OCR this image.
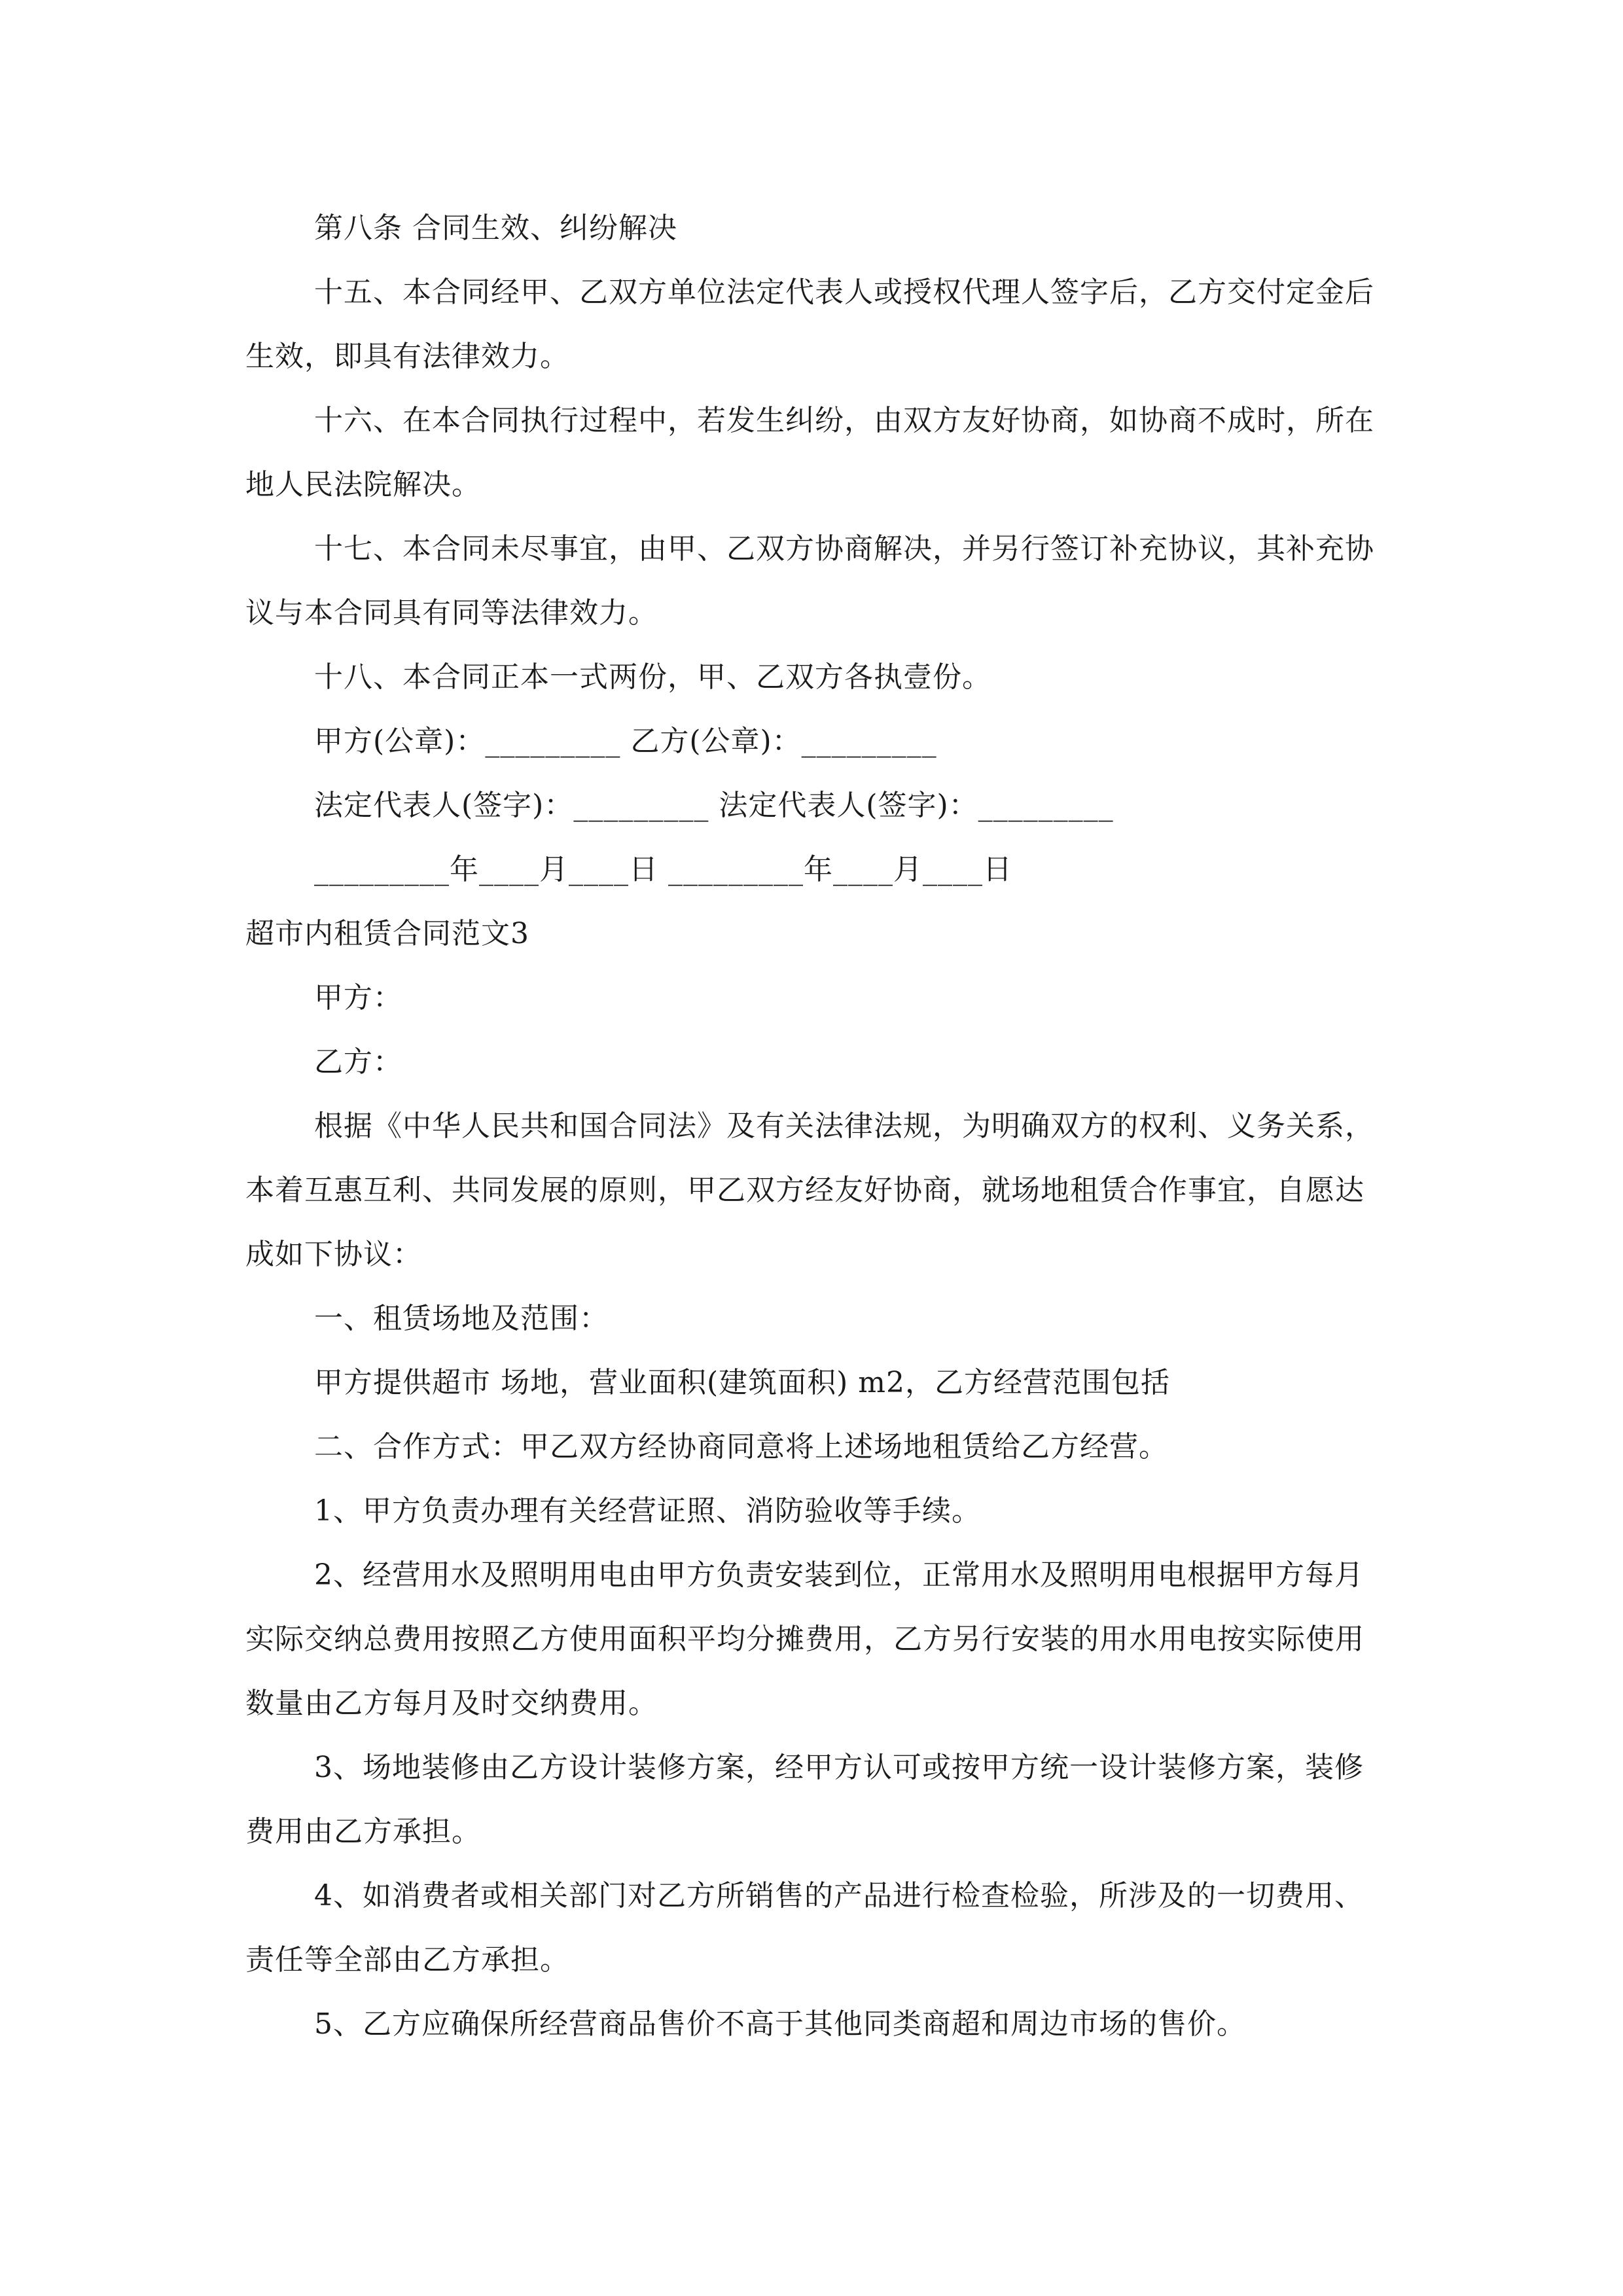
第八条 合同生效、纠纷解决

十五、本合同经甲、乙双方单位法定代表人或授权代理人签字后，乙方交付定金后生效，即具有法律效力。

十六、在本合同执行过程中，若发生纠纷，由双方友好协商，如协商不成时，所在地人民法院解决。

十七、本合同未尽事宜，由甲、乙双方协商解决，并另行签订补充协议，其补充协议与本合同具有同等法律效力。

十八、本合同正本一式两份，甲、乙双方各执壹份。

甲方(公章)：_________ 乙方(公章)：_________

法定代表人(签字)：_________ 法定代表人(签字)：_________

_________年____月____日 _________年____月____日

超市内租赁合同范文3

甲方：

乙方：

根据《中华人民共和国合同法》及有关法律法规，为明确双方的权利、义务关系，本着互惠互利、共同发展的原则，甲乙双方经友好协商，就场地租赁合作事宜，自愿达成如下协议：

一、租赁场地及范围：

甲方提供超市 场地，营业面积(建筑面积) m2，乙方经营范围包括

二、合作方式：甲乙双方经协商同意将上述场地租赁给乙方经营。

1、甲方负责办理有关经营证照、消防验收等手续。

2、经营用水及照明用电由甲方负责安装到位，正常用水及照明用电根据甲方每月实际交纳总费用按照乙方使用面积平均分摊费用，乙方另行安装的用水用电按实际使用数量由乙方每月及时交纳费用。

3、场地装修由乙方设计装修方案，经甲方认可或按甲方统一设计装修方案，装修费用由乙方承担。

4、如消费者或相关部门对乙方所销售的产品进行检查检验，所涉及的一切费用、责任等全部由乙方承担。

5、乙方应确保所经营商品售价不高于其他同类商超和周边市场的售价。
